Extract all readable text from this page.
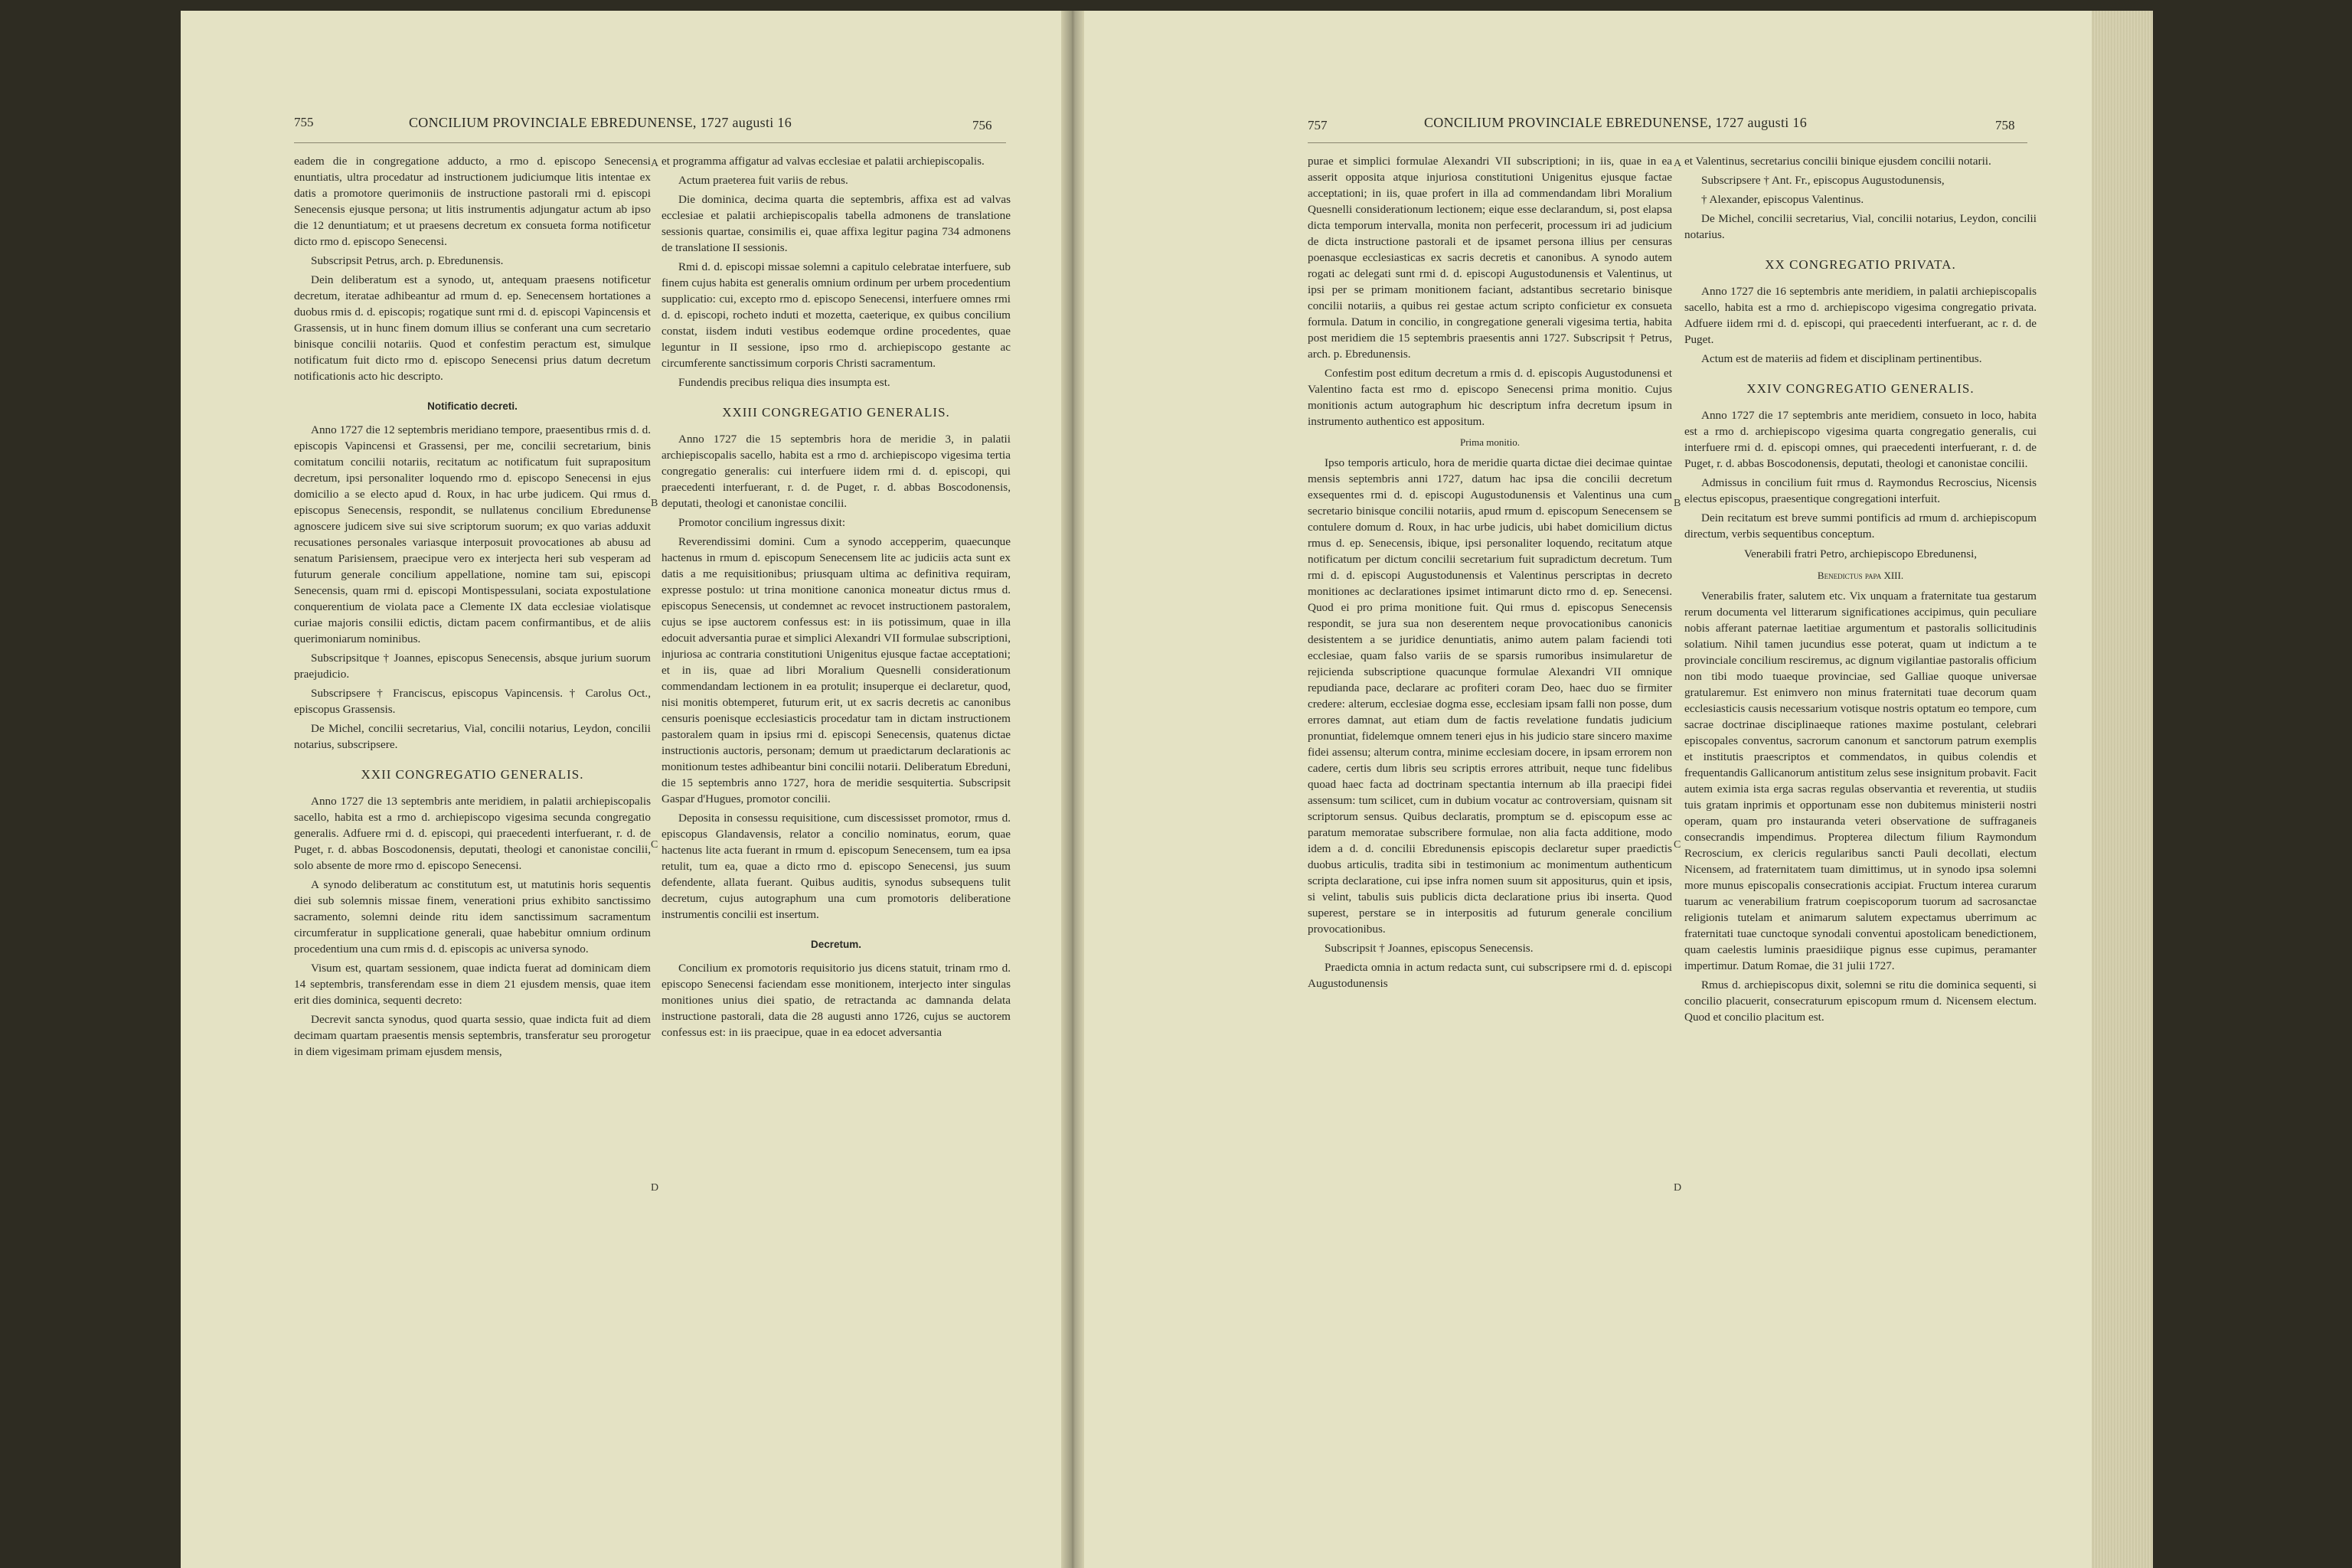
755	CONCILIUM PROVINCIALE EBREDUNENSE, 1727 augusti 16	756

eadem die in congregatione adducto, a rmo d. episcopo Senecensi enuntiatis, ultra procedatur ad instructionem judiciumque litis intentae ex datis a promotore querimoniis de instructione pastorali rmi d. episcopi Senecensis ejusque persona; ut litis instrumentis adjungatur actum ab ipso die 12 denuntiatum; et ut praesens decretum ex consueta forma notificetur dicto rmo d. episcopo Senecensi.

Subscripsit Petrus, arch. p. Ebredunensis.

Dein deliberatum est a synodo, ut, antequam praesens notificetur decretum, iteratae adhibeantur ad rmum d. ep. Senecensem hortationes a duobus rmis d. d. episcopis; rogatique sunt rmi d. d. episcopi Vapincensis et Grassensis, ut in hunc finem domum illius se conferant una cum secretario binisque concilii notariis. Quod et confestim peractum est, simulque notificatum fuit dicto rmo d. episcopo Senecensi prius datum decretum notificationis acto hic descripto.

Notificatio decreti.

Anno 1727 die 12 septembris meridiano tempore, praesentibus rmis d. d. episcopis Vapincensi et Grassensi, per me, concilii secretarium, binis comitatum concilii notariis, recitatum ac notificatum fuit suprapositum decretum, ipsi personaliter loquendo rmo d. episcopo Senecensi in ejus domicilio a se electo apud d. Roux, in hac urbe judicem. Qui rmus d. episcopus Senecensis, respondit, se nullatenus concilium Ebredunense agnoscere judicem sive sui sive scriptorum suorum; ex quo varias adduxit recusationes personales variasque interposuit provocationes ab abusu ad senatum Parisiensem, praecipue vero ex interjecta heri sub vesperam ad futurum generale concilium appellatione, nomine tam sui, episcopi Senecensis, quam rmi d. episcopi Montispessulani, sociata expostulatione conquerentium de violata pace a Clemente IX data ecclesiae violatisque curiae majoris consilii edictis, dictam pacem confirmantibus, et de aliis querimoniarum nominibus.

Subscripsitque † Joannes, episcopus Senecensis, absque jurium suorum praejudicio.

Subscripsere † Franciscus, episcopus Vapincensis. † Carolus Oct., episcopus Grassensis.

De Michel, concilii secretarius, Vial, concilii notarius, Leydon, concilii notarius, subscripsere.

XXII CONGREGATIO GENERALIS.

Anno 1727 die 13 septembris ante meridiem, in palatii archiepiscopalis sacello, habita est a rmo d. archiepiscopo vigesima secunda congregatio generalis. Adfuere rmi d. d. episcopi, qui praecedenti interfuerant, r. d. de Puget, r. d. abbas Boscodonensis, deputati, theologi et canonistae concilii, solo absente de more rmo d. episcopo Senecensi.

A synodo deliberatum ac constitutum est, ut matutinis horis sequentis diei sub solemnis missae finem, venerationi prius exhibito sanctissimo sacramento, solemni deinde ritu idem sanctissimum sacramentum circumferatur in supplicatione generali, quae habebitur omnium ordinum procedentium una cum rmis d. d. episcopis ac universa synodo.

Visum est, quartam sessionem, quae indicta fuerat ad dominicam diem 14 septembris, transferendam esse in diem 21 ejusdem mensis, quae item erit dies dominica, sequenti decreto:

Decrevit sancta synodus, quod quarta sessio, quae indicta fuit ad diem decimam quartam praesentis mensis septembris, transferatur seu prorogetur in diem vigesimam primam ejusdem mensis,

et programma affigatur ad valvas ecclesiae et palatii archiepiscopalis.

Actum praeterea fuit variis de rebus.

Die dominica, decima quarta die septembris, affixa est ad valvas ecclesiae et palatii archiepiscopalis tabella admonens de translatione sessionis quartae, consimilis ei, quae affixa legitur pagina 734 admonens de translatione II sessionis.

Rmi d. d. episcopi missae solemni a capitulo celebratae interfuere, sub finem cujus habita est generalis omnium ordinum per urbem procedentium supplicatio: cui, excepto rmo d. episcopo Senecensi, interfuere omnes rmi d. d. episcopi, rocheto induti et mozetta, caeterique, ex quibus concilium constat, iisdem induti vestibus eodemque ordine procedentes, quae leguntur in II sessione, ipso rmo d. archiepiscopo gestante ac circumferente sanctissimum corporis Christi sacramentum.

Fundendis precibus reliqua dies insumpta est.

XXIII CONGREGATIO GENERALIS.

Anno 1727 die 15 septembris hora de meridie 3, in palatii archiepiscopalis sacello, habita est a rmo d. archiepiscopo vigesima tertia congregatio generalis: cui interfuere iidem rmi d. d. episcopi, qui praecedenti interfuerant, r. d. de Puget, r. d. abbas Boscodonensis, deputati, theologi et canonistae concilii.

Promotor concilium ingressus dixit:

Reverendissimi domini. Cum a synodo accepperim, quaecunque hactenus in rmum d. episcopum Senecensem lite ac judiciis acta sunt ex datis a me requisitionibus; priusquam ultima ac definitiva requiram, expresse postulo: ut trina monitione canonica moneatur dictus rmus d. episcopus Senecensis, ut condemnet ac revocet instructionem pastoralem, cujus se ipse auctorem confessus est: in iis potissimum, quae in illa edocuit adversantia purae et simplici Alexandri VII formulae subscriptioni, injuriosa ac contraria constitutioni Unigenitus ejusque factae acceptationi; et in iis, quae ad libri Moralium Quesnelli considerationum commendandam lectionem in ea protulit; insuperque ei declaretur, quod, nisi monitis obtemperet, futurum erit, ut ex sacris decretis ac canonibus censuris poenisque ecclesiasticis procedatur tam in dictam instructionem pastoralem quam in ipsius rmi d. episcopi Senecensis, quatenus dictae instructionis auctoris, personam; demum ut praedictarum declarationis ac monitionum testes adhibeantur bini concilii notarii. Deliberatum Ebreduni, die 15 septembris anno 1727, hora de meridie sesquitertia. Subscripsit Gaspar d'Hugues, promotor concilii.

Deposita in consessu requisitione, cum discessisset promotor, rmus d. episcopus Glandavensis, relator a concilio nominatus, eorum, quae hactenus lite acta fuerant in rmum d. episcopum Senecensem, tum ea ipsa retulit, tum ea, quae a dicto rmo d. episcopo Senecensi, jus suum defendente, allata fuerant. Quibus auditis, synodus subsequens tulit decretum, cujus autographum una cum promotoris deliberatione instrumentis concilii est insertum.

Decretum.

Concilium ex promotoris requisitorio jus dicens statuit, trinam rmo d. episcopo Senecensi faciendam esse monitionem, interjecto inter singulas monitiones unius diei spatio, de retractanda ac damnanda delata instructione pastorali, data die 28 augusti anno 1726, cujus se auctorem confessus est: in iis praecipue, quae in ea edocet adversantia

A
B
C
D
757	CONCILIUM PROVINCIALE EBREDUNENSE, 1727 augusti 16	758

purae et simplici formulae Alexandri VII subscriptioni; in iis, quae in ea asserit opposita atque injuriosa constitutioni Unigenitus ejusque factae acceptationi; in iis, quae profert in illa ad commendandam libri Moralium Quesnelli considerationum lectionem; eique esse declarandum, si, post elapsa dicta temporum intervalla, monita non perfecerit, processum iri ad judicium de dicta instructione pastorali et de ipsamet persona illius per censuras poenasque ecclesiasticas ex sacris decretis et canonibus. A synodo autem rogati ac delegati sunt rmi d. d. episcopi Augustodunensis et Valentinus, ut ipsi per se primam monitionem faciant, adstantibus secretario binisque concilii notariis, a quibus rei gestae actum scripto conficietur ex consueta formula. Datum in concilio, in congregatione generali vigesima tertia, habita post meridiem die 15 septembris praesentis anni 1727. Subscripsit † Petrus, arch. p. Ebredunensis.

Confestim post editum decretum a rmis d. d. episcopis Augustodunensi et Valentino facta est rmo d. episcopo Senecensi prima monitio. Cujus monitionis actum autographum hic descriptum infra decretum ipsum in instrumento authentico est appositum.

Prima monitio.

Ipso temporis articulo, hora de meridie quarta dictae diei decimae quintae mensis septembris anni 1727, datum hac ipsa die concilii decretum exsequentes rmi d. d. episcopi Augustodunensis et Valentinus una cum secretario binisque concilii notariis, apud rmum d. episcopum Senecensem se contulere domum d. Roux, in hac urbe judicis, ubi habet domicilium dictus rmus d. ep. Senecensis, ibique, ipsi personaliter loquendo, recitatum atque notificatum per dictum concilii secretarium fuit supradictum decretum. Tum rmi d. d. episcopi Augustodunensis et Valentinus perscriptas in decreto monitiones ac declarationes ipsimet intimarunt dicto rmo d. ep. Senecensi. Quod ei pro prima monitione fuit. Qui rmus d. episcopus Senecensis respondit, se jura sua non deserentem neque provocationibus canonicis desistentem a se juridice denuntiatis, animo autem palam faciendi toti ecclesiae, quam falso variis de se sparsis rumoribus insimularetur de rejicienda subscriptione quacunque formulae Alexandri VII omnique repudianda pace, declarare ac profiteri coram Deo, haec duo se firmiter credere: alterum, ecclesiae dogma esse, ecclesiam ipsam falli non posse, dum errores damnat, aut etiam dum de factis revelatione fundatis judicium pronuntiat, fidelemque omnem teneri ejus in his judicio stare sincero maxime fidei assensu; alterum contra, minime ecclesiam docere, in ipsam errorem non cadere, certis dum libris seu scriptis errores attribuit, neque tunc fidelibus quoad haec facta ad doctrinam spectantia internum ab illa praecipi fidei assensum: tum scilicet, cum in dubium vocatur ac controversiam, quisnam sit scriptorum sensus. Quibus declaratis, promptum se d. episcopum esse ac paratum memoratae subscribere formulae, non alia facta additione, modo idem a d. d. concilii Ebredunensis episcopis declaretur super praedictis duobus articulis, tradita sibi in testimonium ac monimentum authenticum scripta declaratione, cui ipse infra nomen suum sit appositurus, quin et ipsis, si velint, tabulis suis publicis dicta declaratione prius ibi inserta. Quod superest, perstare se in interpositis ad futurum generale concilium provocationibus.

Subscripsit † Joannes, episcopus Senecensis.

Praedicta omnia in actum redacta sunt, cui subscripsere rmi d. d. episcopi Augustodunensis

et Valentinus, secretarius concilii binique ejusdem concilii notarii.

Subscripsere † Ant. Fr., episcopus Augustodunensis,

† Alexander, episcopus Valentinus.

De Michel, concilii secretarius, Vial, concilii notarius, Leydon, concilii notarius.

XX CONGREGATIO PRIVATA.

Anno 1727 die 16 septembris ante meridiem, in palatii archiepiscopalis sacello, habita est a rmo d. archiepiscopo vigesima congregatio privata. Adfuere iidem rmi d. d. episcopi, qui praecedenti interfuerant, ac r. d. de Puget.

Actum est de materiis ad fidem et disciplinam pertinentibus.

XXIV CONGREGATIO GENERALIS.

Anno 1727 die 17 septembris ante meridiem, consueto in loco, habita est a rmo d. archiepiscopo vigesima quarta congregatio generalis, cui interfuere rmi d. d. episcopi omnes, qui praecedenti interfuerant, r. d. de Puget, r. d. abbas Boscodonensis, deputati, theologi et canonistae concilii.

Admissus in concilium fuit rmus d. Raymondus Recroscius, Nicensis electus episcopus, praesentique congregationi interfuit.

Dein recitatum est breve summi pontificis ad rmum d. archiepiscopum directum, verbis sequentibus conceptum.

Venerabili fratri Petro, archiepiscopo Ebredunensi,

Benedictus papa XIII.

Venerabilis frater, salutem etc. Vix unquam a fraternitate tua gestarum rerum documenta vel litterarum significationes accipimus, quin peculiare nobis afferant paternae laetitiae argumentum et pastoralis sollicitudinis solatium. Nihil tamen jucundius esse poterat, quam ut indictum a te provinciale concilium resciremus, ac dignum vigilantiae pastoralis officium non tibi modo tuaeque provinciae, sed Galliae quoque universae gratularemur. Est enimvero non minus fraternitati tuae decorum quam ecclesiasticis causis necessarium votisque nostris optatum eo tempore, cum sacrae doctrinae disciplinaeque rationes maxime postulant, celebrari episcopales conventus, sacrorum canonum et sanctorum patrum exemplis et institutis praescriptos et commendatos, in quibus colendis et frequentandis Gallicanorum antistitum zelus sese insignitum probavit. Facit autem eximia ista erga sacras regulas observantia et reverentia, ut studiis tuis gratam inprimis et opportunam esse non dubitemus ministerii nostri operam, quam pro instauranda veteri observatione de suffraganeis consecrandis impendimus. Propterea dilectum filium Raymondum Recroscium, ex clericis regularibus sancti Pauli decollati, electum Nicensem, ad fraternitatem tuam dimittimus, ut in synodo ipsa solemni more munus episcopalis consecrationis accipiat. Fructum interea curarum tuarum ac venerabilium fratrum coepiscoporum tuorum ad sacrosanctae religionis tutelam et animarum salutem expectamus uberrimum ac fraternitati tuae cunctoque synodali conventui apostolicam benedictionem, quam caelestis luminis praesidiique pignus esse cupimus, peramanter impertimur. Datum Romae, die 31 julii 1727.

Rmus d. archiepiscopus dixit, solemni se ritu die dominica sequenti, si concilio placuerit, consecraturum episcopum rmum d. Nicensem electum. Quod et concilio placitum est.

A
B
C
D
